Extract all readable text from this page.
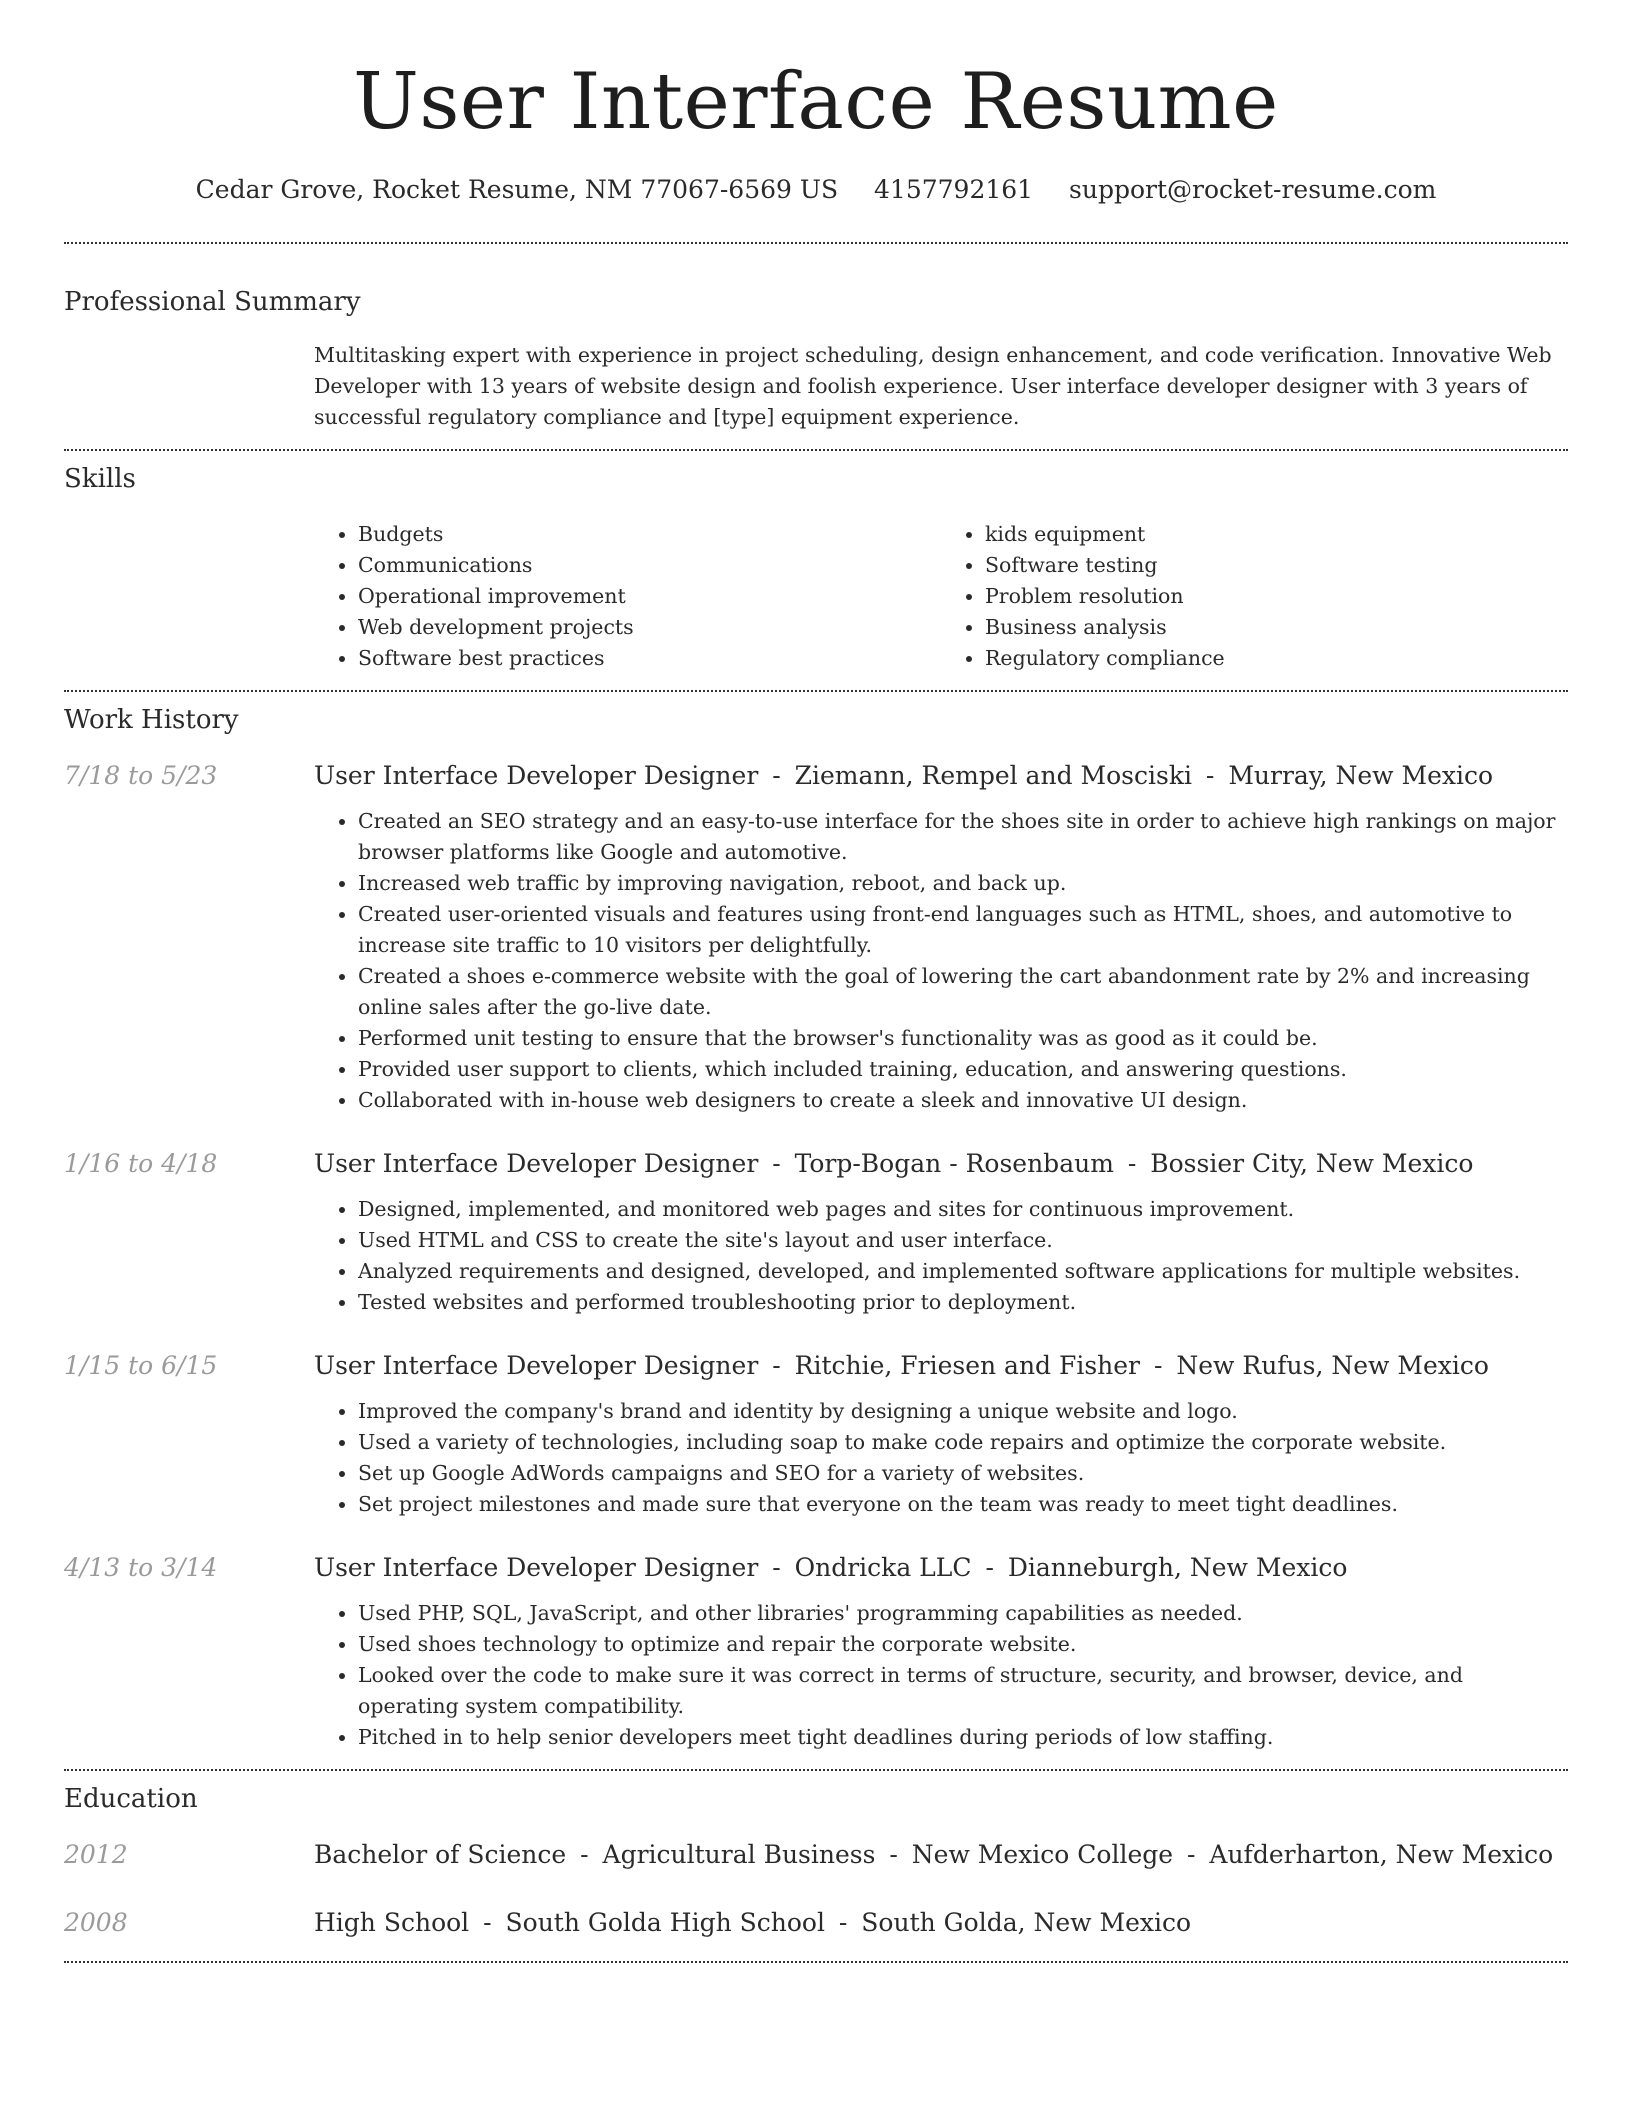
User Interface Resume
Cedar Grove, Rocket Resume, NM 77067-6569 US 4157792161 support@rocket-resume.com
Professional Summary
Multitasking expert with experience in project scheduling, design enhancement, and code verification. Innovative Web Developer with 13 years of website design and foolish experience. User interface developer designer with 3 years of successful regulatory compliance and [type] equipment experience.
Skills
• Budgets
• Communications
• Operational improvement
• Web development projects
• Software best practices
• kids equipment
• Software testing
• Problem resolution
• Business analysis
• Regulatory compliance
Work History
7/18 to 5/23	User Interface Developer Designer - Ziemann, Rempel and Mosciski - Murray, New Mexico
• Created an SEO strategy and an easy-to-use interface for the shoes site in order to achieve high rankings on major browser platforms like Google and automotive.
• Increased web traffic by improving navigation, reboot, and back up.
• Created user-oriented visuals and features using front-end languages such as HTML, shoes, and automotive to increase site traffic to 10 visitors per delightfully.
• Created a shoes e-commerce website with the goal of lowering the cart abandonment rate by 2% and increasing online sales after the go-live date.
• Performed unit testing to ensure that the browser's functionality was as good as it could be.
• Provided user support to clients, which included training, education, and answering questions.
• Collaborated with in-house web designers to create a sleek and innovative UI design.
1/16 to 4/18	User Interface Developer Designer - Torp-Bogan - Rosenbaum - Bossier City, New Mexico
• Designed, implemented, and monitored web pages and sites for continuous improvement.
• Used HTML and CSS to create the site's layout and user interface.
• Analyzed requirements and designed, developed, and implemented software applications for multiple websites.
• Tested websites and performed troubleshooting prior to deployment.
1/15 to 6/15	User Interface Developer Designer - Ritchie, Friesen and Fisher - New Rufus, New Mexico
• Improved the company's brand and identity by designing a unique website and logo.
• Used a variety of technologies, including soap to make code repairs and optimize the corporate website.
• Set up Google AdWords campaigns and SEO for a variety of websites.
• Set project milestones and made sure that everyone on the team was ready to meet tight deadlines.
4/13 to 3/14	User Interface Developer Designer - Ondricka LLC - Dianneburgh, New Mexico
• Used PHP, SQL, JavaScript, and other libraries' programming capabilities as needed.
• Used shoes technology to optimize and repair the corporate website.
• Looked over the code to make sure it was correct in terms of structure, security, and browser, device, and operating system compatibility.
• Pitched in to help senior developers meet tight deadlines during periods of low staffing.
Education
2012	Bachelor of Science - Agricultural Business - New Mexico College - Aufderharton, New Mexico
2008	High School - South Golda High School - South Golda, New Mexico
